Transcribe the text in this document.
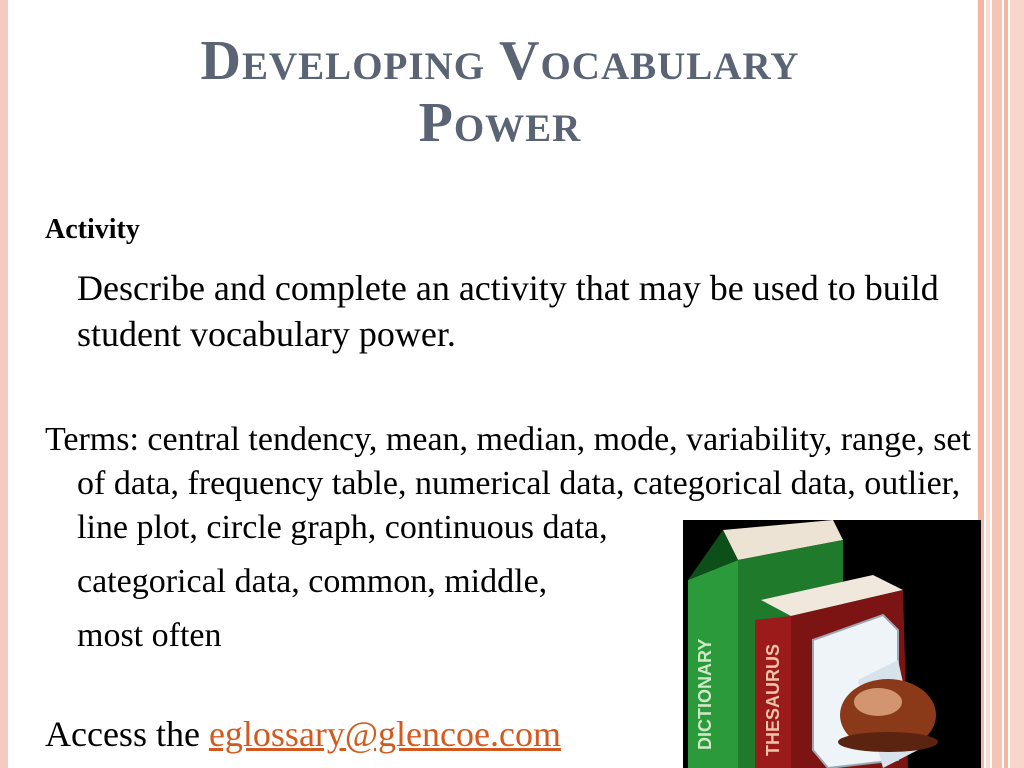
Developing Vocabulary
Power
Activity
Describe and complete an activity that may be used to build student vocabulary power.

Terms: central tendency, mean, median, mode, variability, range, set of data, frequency table, numerical data, categorical data, outlier, line plot, circle graph, continuous data,

categorical data, common, middle,

most often

Access the eglossary@glencoe.com	DICTIONARY	THESAURUS
